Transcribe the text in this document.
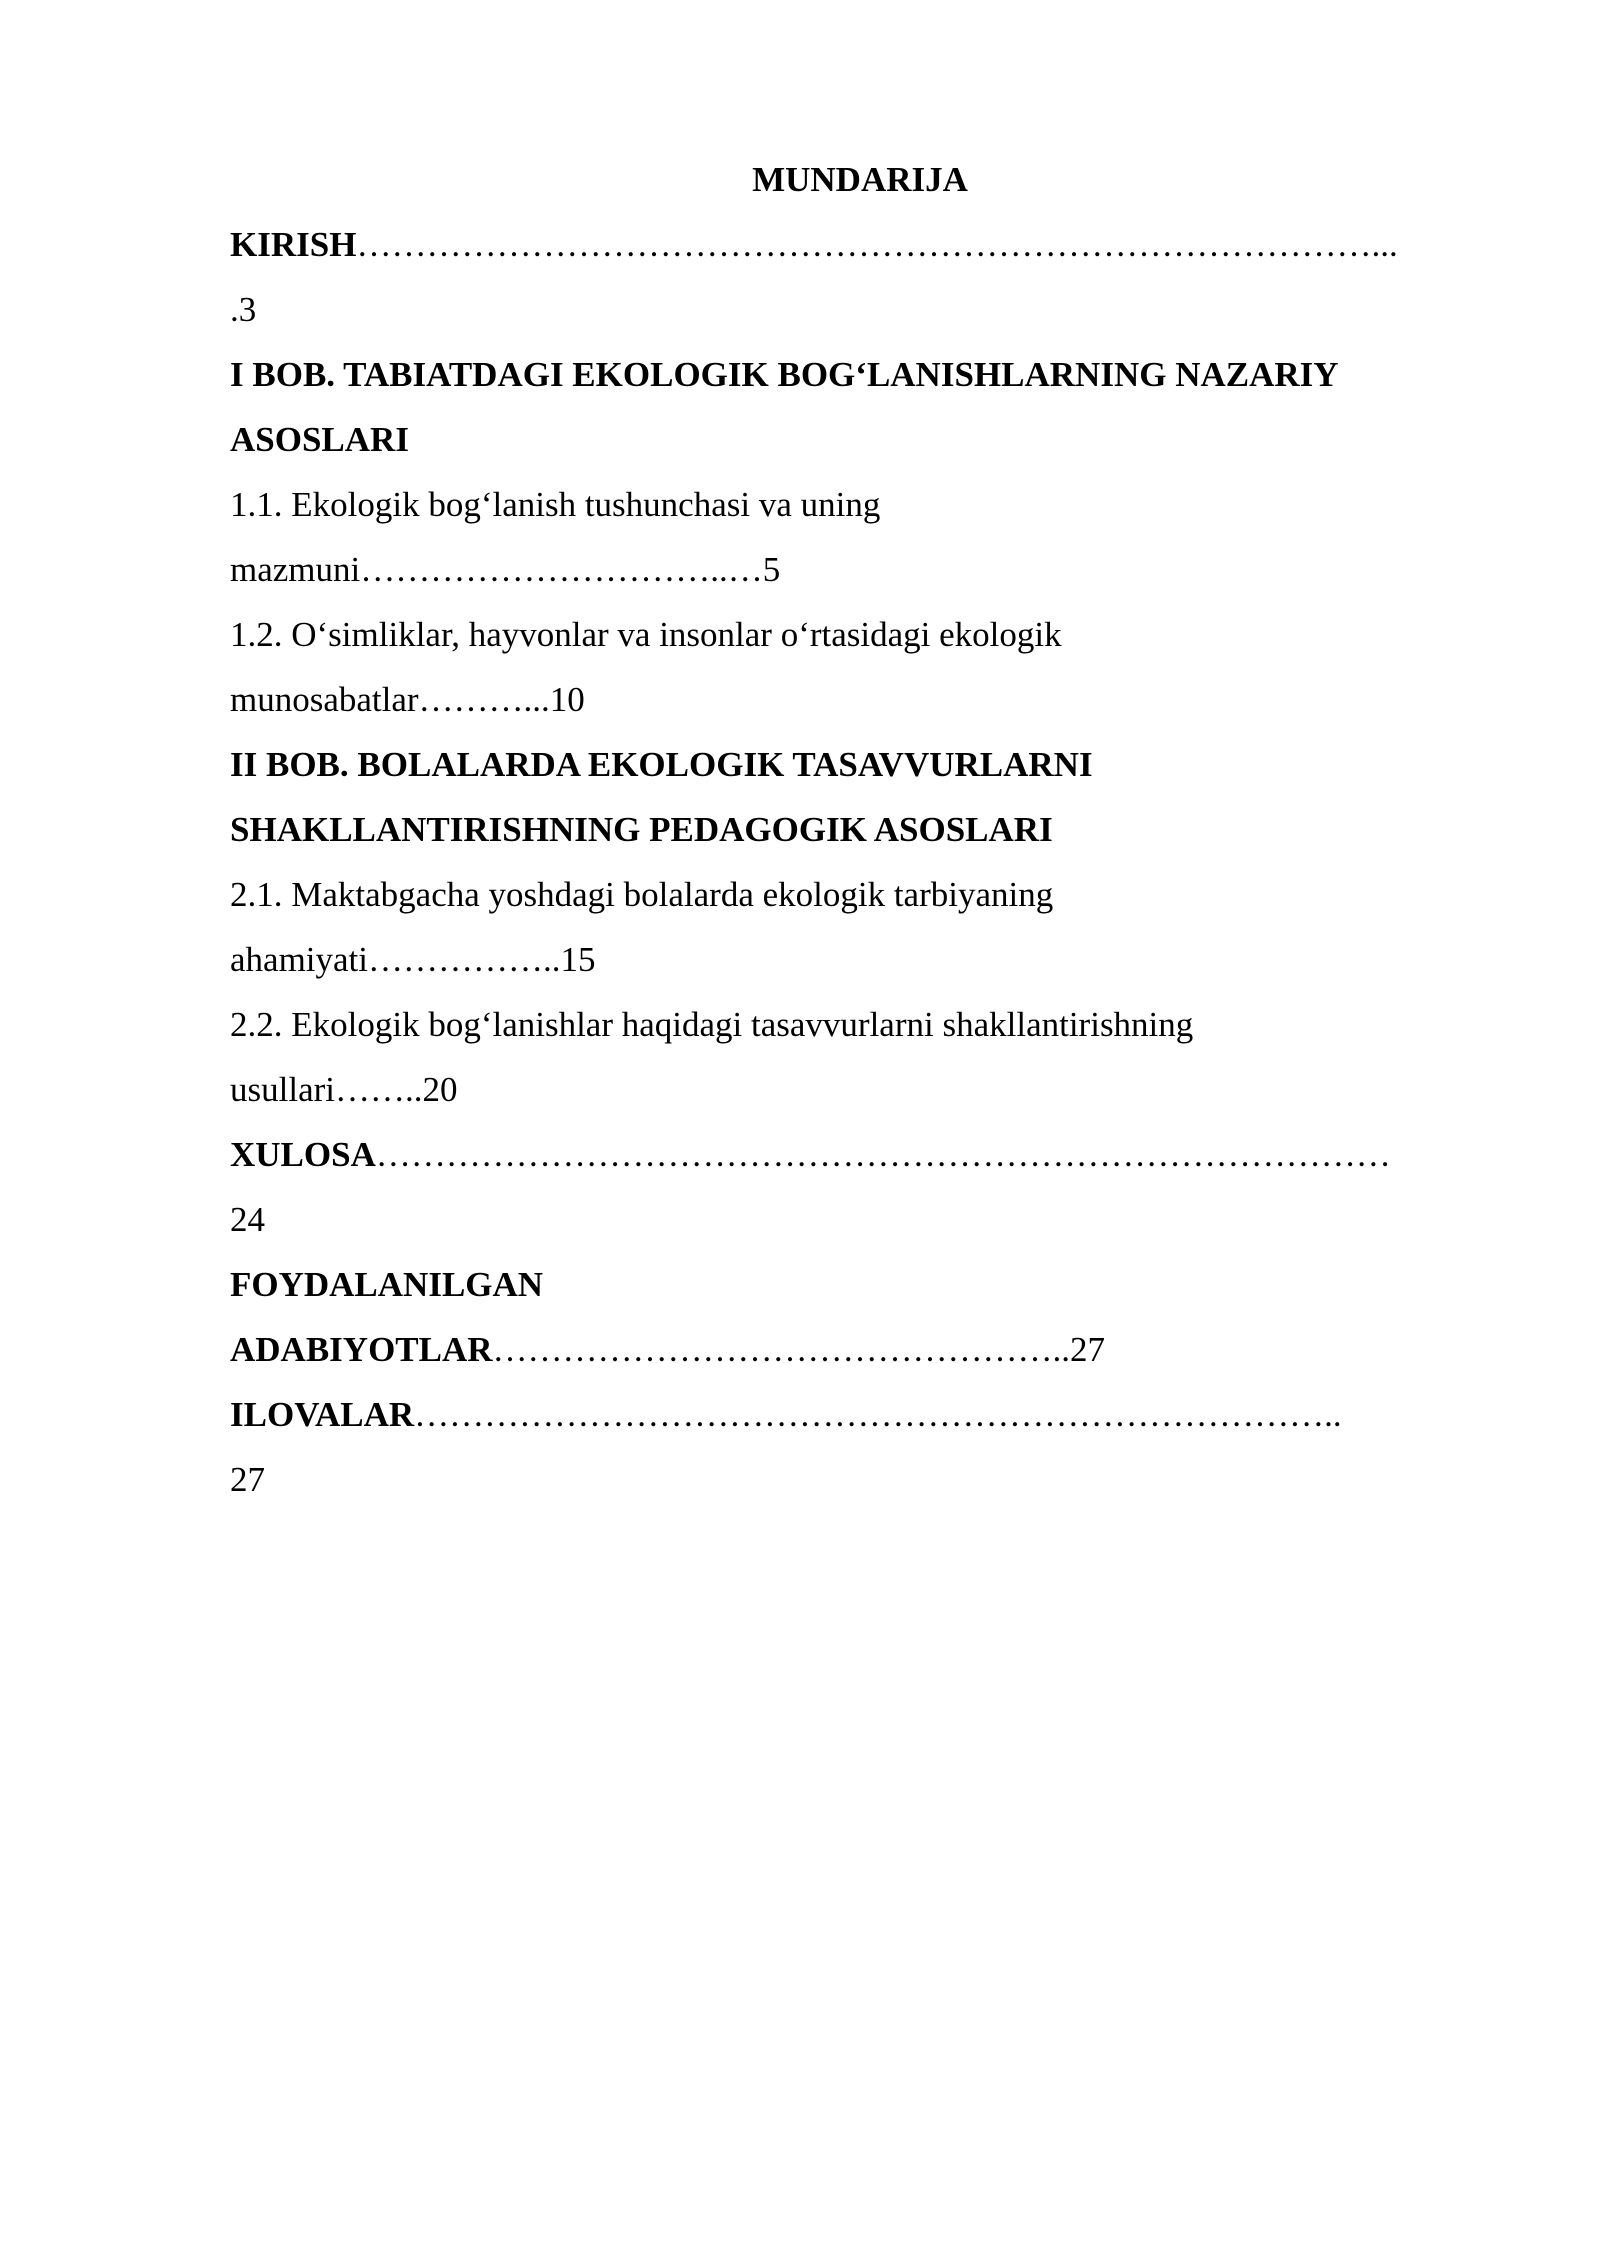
MUNDARIJA
KIRISH……………………………………………………………………………...
.3
I BOB. TABIATDAGI EKOLOGIK BOG‘LANISHLARNING NAZARIY
ASOSLARI
1.1. Ekologik bog‘lanish tushunchasi va uning
mazmuni…………………………..…5
1.2. O‘simliklar, hayvonlar va insonlar o‘rtasidagi ekologik
munosabatlar………...10
II BOB. BOLALARDA EKOLOGIK TASAVVURLARNI
SHAKLLANTIRISHNING PEDAGOGIK ASOSLARI
2.1. Maktabgacha yoshdagi bolalarda ekologik tarbiyaning
ahamiyati……………..15
2.2. Ekologik bog‘lanishlar haqidagi tasavvurlarni shakllantirishning
usullari……..20
XULOSA……………………………………………………………………………
24
FOYDALANILGAN
ADABIYOTLAR…………………………………………..27
ILOVALAR……………………………………………………………………..
27
